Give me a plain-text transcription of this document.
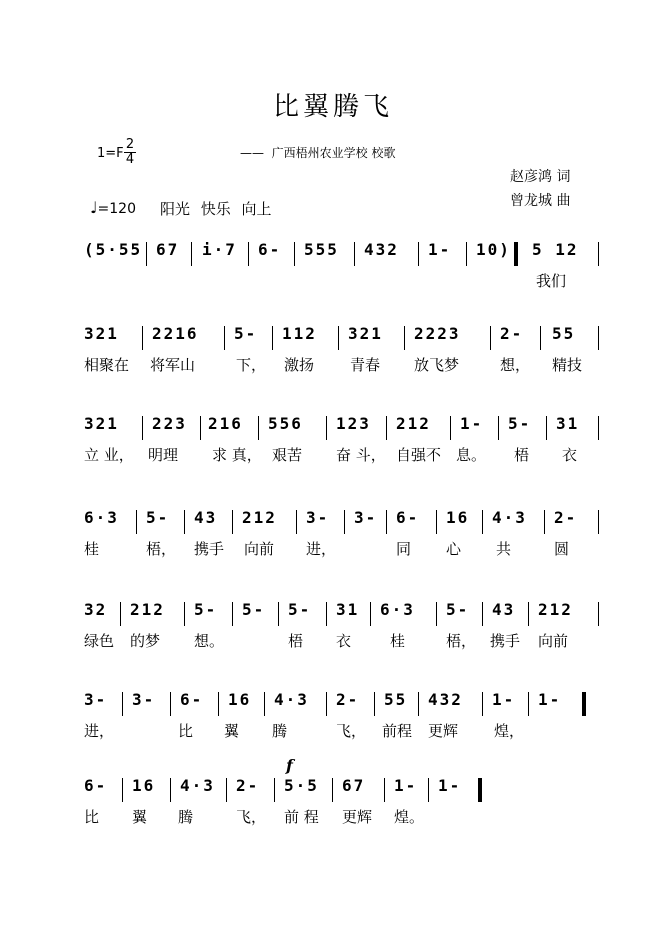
比翼腾飞
$1=F \frac{2}{4}$	——  广西梧州农业学校 校歌
赵彦鸿 词
曾龙城 曲
♩=120 阳光 快乐 向上
f
(5·55 67 i·7 6- 555 432 1- 10) 5 12
我们
321 2216 5- 112 321 2223 2- 55
相聚在 将军山	下， 激扬 青春 放飞梦	想， 精技
321 223 216 556 123 212 1- 5- 31
立 业， 明理 求 真， 艰苦 奋 斗， 自强不 息。 梧 衣
6·3 5- 43 212 3- 3- 6- 16 4·3 2-
桂	梧， 携手 向前 进，	同 心 共	圆
32 212 5- 5- 5- 31 6·3 5- 43 212
绿色 的梦 想。	梧 衣	桂	梧， 携手 向前
3- 3- 6- 16 4·3 2- 55 432 1- 1-
进，	比 翼 腾	飞， 前程 更辉 煌，
6- 16 4·3 2- 5·5 67 1- 1-
比 翼 腾	飞， 前 程 更辉 煌。
